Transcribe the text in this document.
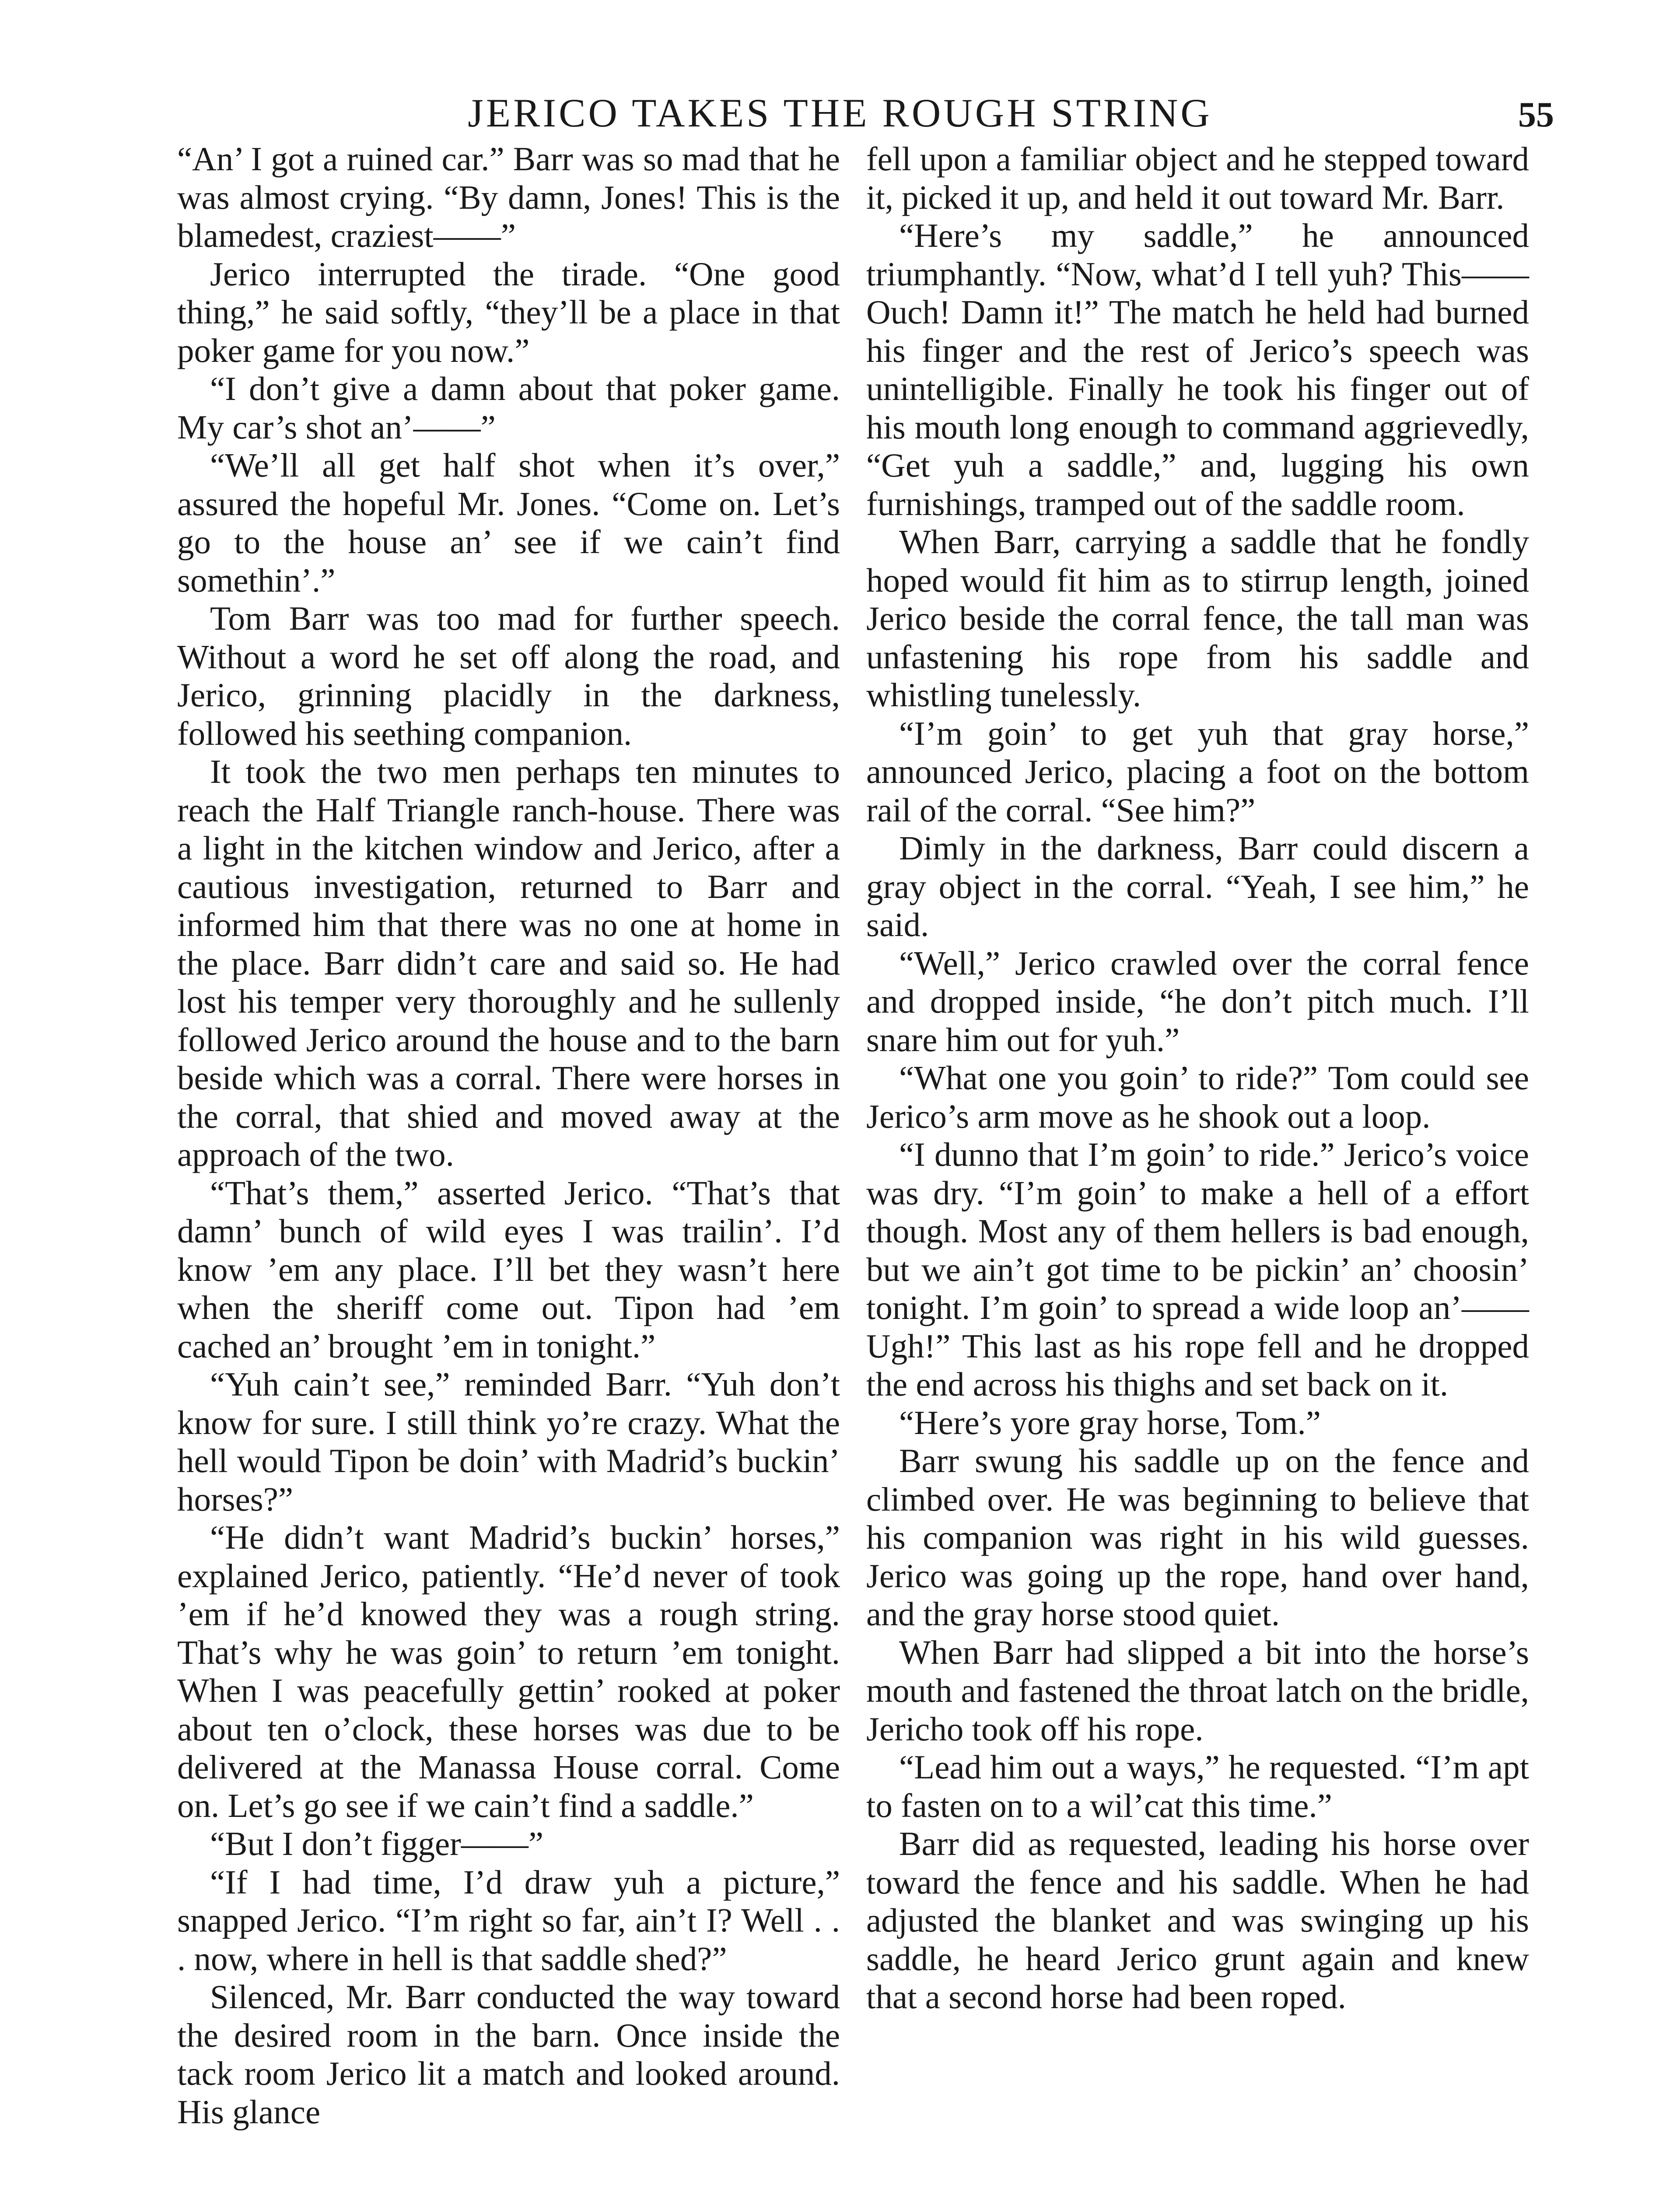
JERICO TAKES THE ROUGH STRING	55

“An’ I got a ruined car.” Barr was so mad that he was almost crying. “By damn, Jones! This is the blamedest, craziest——”

Jerico interrupted the tirade. “One good thing,” he said softly, “they’ll be a place in that poker game for you now.”

“I don’t give a damn about that poker game. My car’s shot an’——”

“We’ll all get half shot when it’s over,” assured the hopeful Mr. Jones. “Come on. Let’s go to the house an’ see if we cain’t find somethin’.”

Tom Barr was too mad for further speech. Without a word he set off along the road, and Jerico, grinning placidly in the darkness, followed his seething companion.

It took the two men perhaps ten minutes to reach the Half Triangle ranch-house. There was a light in the kitchen window and Jerico, after a cautious investigation, returned to Barr and informed him that there was no one at home in the place. Barr didn’t care and said so. He had lost his temper very thoroughly and he sullenly followed Jerico around the house and to the barn beside which was a corral. There were horses in the corral, that shied and moved away at the approach of the two.

“That’s them,” asserted Jerico. “That’s that damn’ bunch of wild eyes I was trailin’. I’d know ’em any place. I’ll bet they wasn’t here when the sheriff come out. Tipon had ’em cached an’ brought ’em in tonight.”

“Yuh cain’t see,” reminded Barr. “Yuh don’t know for sure. I still think yo’re crazy. What the hell would Tipon be doin’ with Madrid’s buckin’ horses?”

“He didn’t want Madrid’s buckin’ horses,” explained Jerico, patiently. “He’d never of took ’em if he’d knowed they was a rough string. That’s why he was goin’ to return ’em tonight. When I was peacefully gettin’ rooked at poker about ten o’clock, these horses was due to be delivered at the Manassa House corral. Come on. Let’s go see if we cain’t find a saddle.”

“But I don’t figger——”

“If I had time, I’d draw yuh a picture,” snapped Jerico. “I’m right so far, ain’t I? Well . . . now, where in hell is that saddle shed?”

Silenced, Mr. Barr conducted the way toward the desired room in the barn. Once inside the tack room Jerico lit a match and looked around. His glance

fell upon a familiar object and he stepped toward it, picked it up, and held it out toward Mr. Barr.

“Here’s my saddle,” he announced triumphantly. “Now, what’d I tell yuh? This—— Ouch! Damn it!” The match he held had burned his finger and the rest of Jerico’s speech was unintelligible. Finally he took his finger out of his mouth long enough to command aggrievedly, “Get yuh a saddle,” and, lugging his own furnishings, tramped out of the saddle room.

When Barr, carrying a saddle that he fondly hoped would fit him as to stirrup length, joined Jerico beside the corral fence, the tall man was unfastening his rope from his saddle and whistling tunelessly.

“I’m goin’ to get yuh that gray horse,” announced Jerico, placing a foot on the bottom rail of the corral. “See him?”

Dimly in the darkness, Barr could discern a gray object in the corral. “Yeah, I see him,” he said.

“Well,” Jerico crawled over the corral fence and dropped inside, “he don’t pitch much. I’ll snare him out for yuh.”

“What one you goin’ to ride?” Tom could see Jerico’s arm move as he shook out a loop.

“I dunno that I’m goin’ to ride.” Jerico’s voice was dry. “I’m goin’ to make a hell of a effort though. Most any of them hellers is bad enough, but we ain’t got time to be pickin’ an’ choosin’ tonight. I’m goin’ to spread a wide loop an’—— Ugh!” This last as his rope fell and he dropped the end across his thighs and set back on it.

“Here’s yore gray horse, Tom.”

Barr swung his saddle up on the fence and climbed over. He was beginning to believe that his companion was right in his wild guesses. Jerico was going up the rope, hand over hand, and the gray horse stood quiet.

When Barr had slipped a bit into the horse’s mouth and fastened the throat latch on the bridle, Jericho took off his rope.

“Lead him out a ways,” he requested. “I’m apt to fasten on to a wil’cat this time.”

Barr did as requested, leading his horse over toward the fence and his saddle. When he had adjusted the blanket and was swinging up his saddle, he heard Jerico grunt again and knew that a second horse had been roped.
